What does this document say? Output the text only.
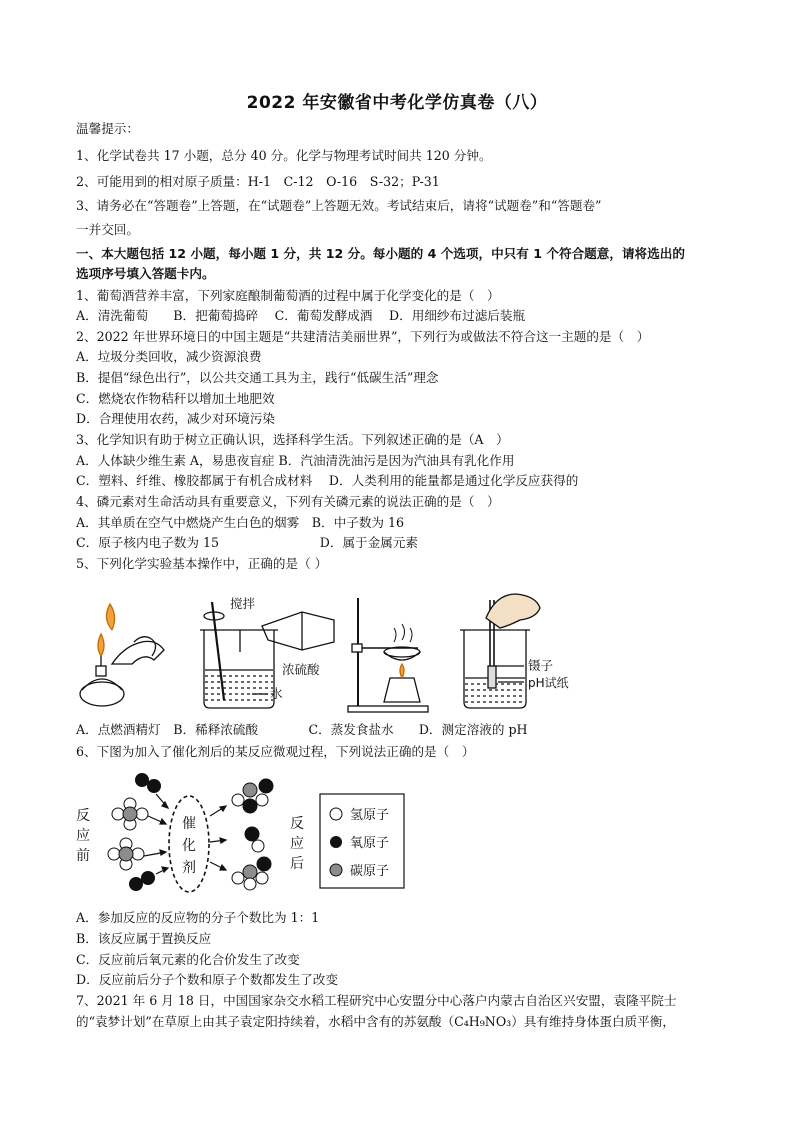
2022 年安徽省中考化学仿真卷（八）
温馨提示：
1、化学试卷共 17 小题，总分 40 分。化学与物理考试时间共 120 分钟。
2、可能用到的相对原子质量：H-1　C-12　O-16　S-32；P-31
3、请务必在“答题卷”上答题，在“试题卷”上答题无效。考试结束后，请将“试题卷”和“答题卷”
一并交回。
一、本大题包括 12 小题，每小题 1 分，共 12 分。每小题的 4 个选项，中只有 1 个符合题意，请将选出的
选项序号填入答题卡内。
1、葡萄酒营养丰富，下列家庭酿制葡萄酒的过程中属于化学变化的是（　）
A．清洗葡萄　　B．把葡萄捣碎　 C．葡萄发酵成酒　 D．用细纱布过滤后装瓶
2、2022 年世界环境日的中国主题是“共建清洁美丽世界”，下列行为或做法不符合这一主题的是（　）
A．垃圾分类回收，减少资源浪费
B．提倡“绿色出行”，以公共交通工具为主，践行“低碳生活”理念
C．燃烧农作物秸秆以增加土地肥效
D．合理使用农药，减少对环境污染
3、化学知识有助于树立正确认识，选择科学生活。下列叙述正确的是（A　）
A．人体缺少维生素 A，易患夜盲症 B．汽油清洗油污是因为汽油具有乳化作用
C．塑料、纤维、橡胶都属于有机合成材料　 D．人类利用的能量都是通过化学反应获得的
4、磷元素对生命活动具有重要意义，下列有关磷元素的说法正确的是（　）
A．其单质在空气中燃烧产生白色的烟雾　B．中子数为 16
C．原子核内电子数为 15　　　　　　　　D．属于金属元素
5、下列化学实验基本操作中，正确的是（ ）
搅拌
浓硫酸
水
镊子
pH试纸
A．点燃酒精灯　B．稀释浓硫酸　　　　C．蒸发食盐水　　D．测定溶液的 pH
6、下图为加入了催化剂后的某反应微观过程，下列说法正确的是（　）
反
应
前
反
应
后
催
化
剂
氢原子
氧原子
碳原子
A．参加反应的反应物的分子个数比为 1：1
B．该反应属于置换反应
C．反应前后氧元素的化合价发生了改变
D．反应前后分子个数和原子个数都发生了改变
7、2021 年 6 月 18 日，中国国家杂交水稻工程研究中心安盟分中心落户内蒙古自治区兴安盟，袁隆平院士
的“袁梦计划”在草原上由其子袁定阳持续着，水稻中含有的苏氨酸（C₄H₉NO₃）具有维持身体蛋白质平衡，
